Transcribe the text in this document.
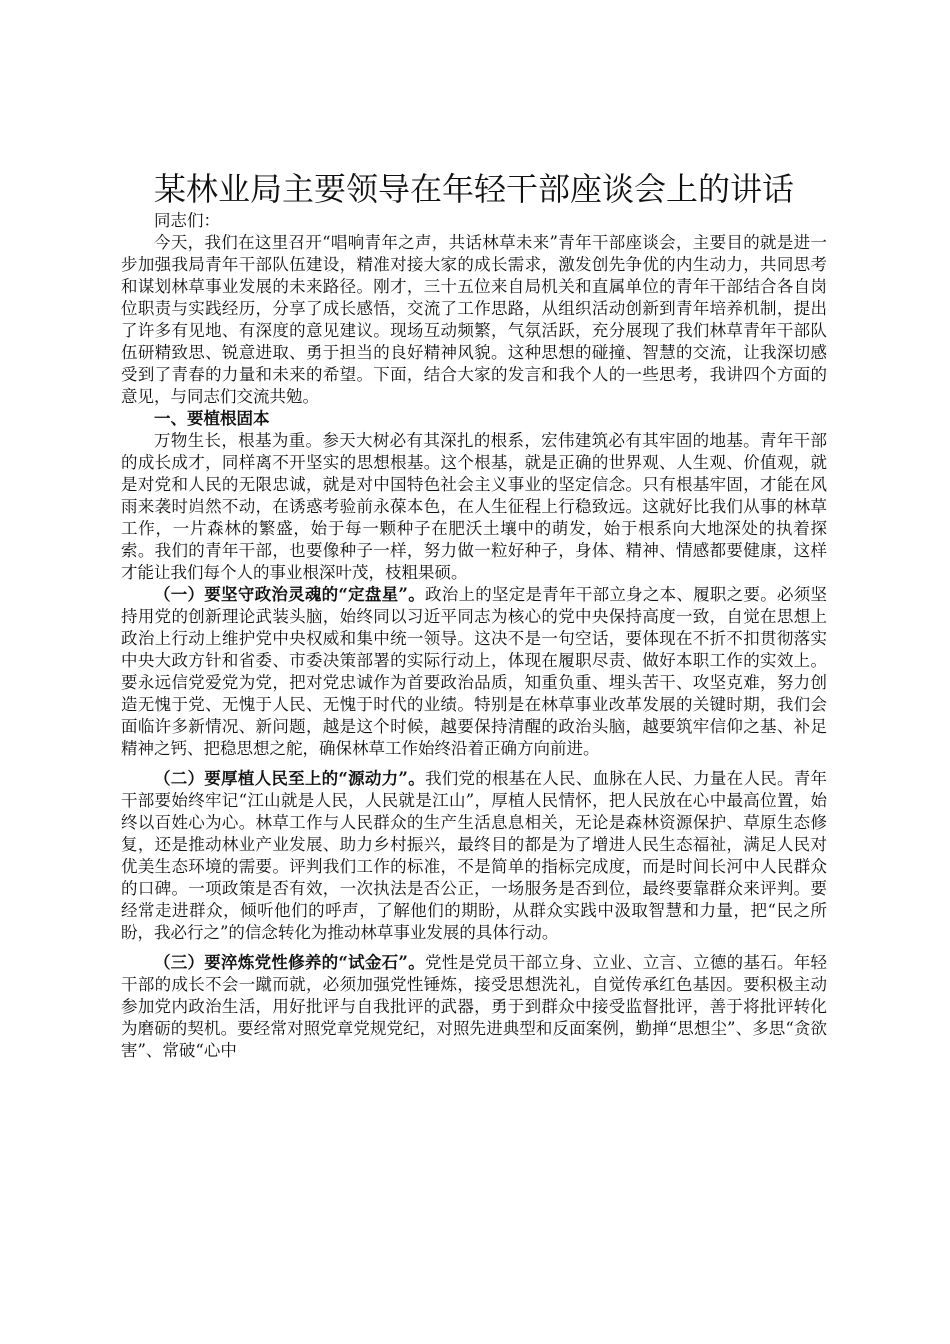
某林业局主要领导在年轻干部座谈会上的讲话
同志们：

今天，我们在这里召开“唱响青年之声，共话林草未来”青年干部座谈会，主要目的就是进一步加强我局青年干部队伍建设，精准对接大家的成长需求，激发创先争优的内生动力，共同思考和谋划林草事业发展的未来路径。刚才，三十五位来自局机关和直属单位的青年干部结合各自岗位职责与实践经历，分享了成长感悟，交流了工作思路，从组织活动创新到青年培养机制，提出了许多有见地、有深度的意见建议。现场互动频繁，气氛活跃，充分展现了我们林草青年干部队伍研精致思、锐意进取、勇于担当的良好精神风貌。这种思想的碰撞、智慧的交流，让我深切感受到了青春的力量和未来的希望。下面，结合大家的发言和我个人的一些思考，我讲四个方面的意见，与同志们交流共勉。

一、要植根固本

万物生长，根基为重。参天大树必有其深扎的根系，宏伟建筑必有其牢固的地基。青年干部的成长成才，同样离不开坚实的思想根基。这个根基，就是正确的世界观、人生观、价值观，就是对党和人民的无限忠诚，就是对中国特色社会主义事业的坚定信念。只有根基牢固，才能在风雨来袭时岿然不动，在诱惑考验前永葆本色，在人生征程上行稳致远。这就好比我们从事的林草工作，一片森林的繁盛，始于每一颗种子在肥沃土壤中的萌发，始于根系向大地深处的执着探索。我们的青年干部，也要像种子一样，努力做一粒好种子，身体、精神、情感都要健康，这样才能让我们每个人的事业根深叶茂，枝粗果硕。

（一）要坚守政治灵魂的“定盘星”。政治上的坚定是青年干部立身之本、履职之要。必须坚持用党的创新理论武装头脑，始终同以习近平同志为核心的党中央保持高度一致，自觉在思想上政治上行动上维护党中央权威和集中统一领导。这决不是一句空话，要体现在不折不扣贯彻落实中央大政方针和省委、市委决策部署的实际行动上，体现在履职尽责、做好本职工作的实效上。要永远信党爱党为党，把对党忠诚作为首要政治品质，知重负重、埋头苦干、攻坚克难，努力创造无愧于党、无愧于人民、无愧于时代的业绩。特别是在林草事业改革发展的关键时期，我们会面临许多新情况、新问题，越是这个时候，越要保持清醒的政治头脑，越要筑牢信仰之基、补足精神之钙、把稳思想之舵，确保林草工作始终沿着正确方向前进。

（二）要厚植人民至上的“源动力”。我们党的根基在人民、血脉在人民、力量在人民。青年干部要始终牢记“江山就是人民，人民就是江山”，厚植人民情怀，把人民放在心中最高位置，始终以百姓心为心。林草工作与人民群众的生产生活息息相关，无论是森林资源保护、草原生态修复，还是推动林业产业发展、助力乡村振兴，最终目的都是为了增进人民生态福祉，满足人民对优美生态环境的需要。评判我们工作的标准，不是简单的指标完成度，而是时间长河中人民群众的口碑。一项政策是否有效，一次执法是否公正，一场服务是否到位，最终要靠群众来评判。要经常走进群众，倾听他们的呼声，了解他们的期盼，从群众实践中汲取智慧和力量，把“民之所盼，我必行之”的信念转化为推动林草事业发展的具体行动。

（三）要淬炼党性修养的“试金石”。党性是党员干部立身、立业、立言、立德的基石。年轻干部的成长不会一蹴而就，必须加强党性锤炼，接受思想洗礼，自觉传承红色基因。要积极主动参加党内政治生活，用好批评与自我批评的武器，勇于到群众中接受监督批评，善于将批评转化为磨砺的契机。要经常对照党章党规党纪，对照先进典型和反面案例，勤掸“思想尘”、多思“贪欲害”、常破“心中
